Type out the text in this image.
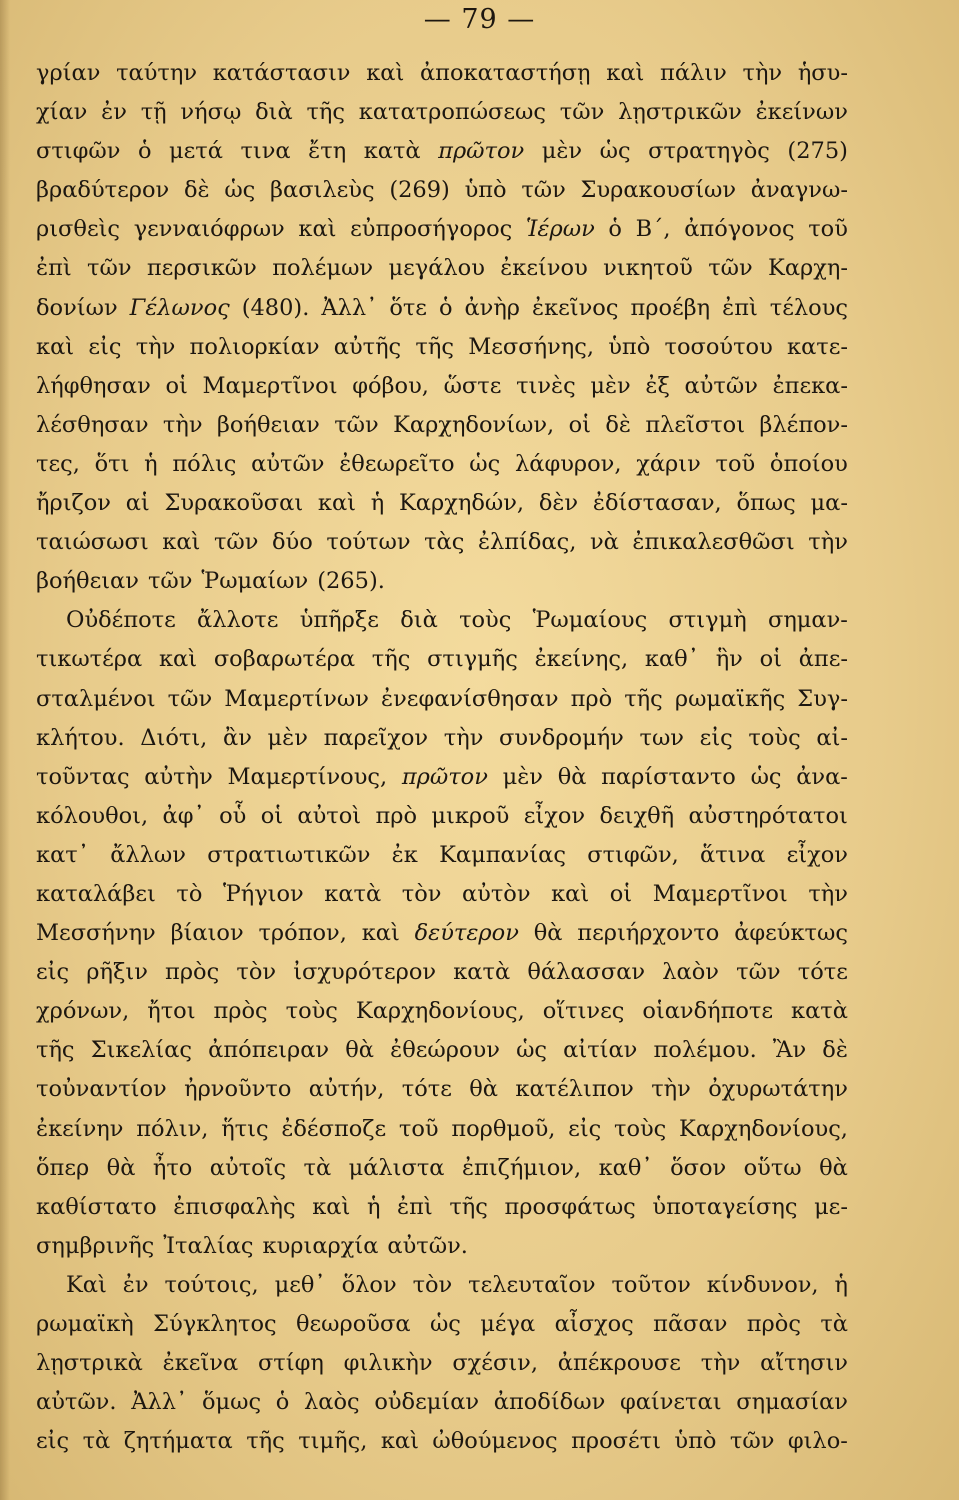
— 79 —
γρίαν ταύτην κατάστασιν καὶ ἀποκαταστήσῃ καὶ πάλιν τὴν ἡσυ-
χίαν ἐν τῇ νήσῳ διὰ τῆς κατατροπώσεως τῶν λῃστρικῶν ἐκείνων
στιφῶν ὁ μετά τινα ἔτη κατὰ πρῶτον μὲν ὡς στρατηγὸς (275)
βραδύτερον δὲ ὡς βασιλεὺς (269) ὑπὸ τῶν Συρακουσίων ἀναγνω-
ρισθεὶς γενναιόφρων καὶ εὐπροσήγορος Ἱέρων ὁ Β΄, ἀπόγονος τοῦ
ἐπὶ τῶν περσικῶν πολέμων μεγάλου ἐκείνου νικητοῦ τῶν Καρχη-
δονίων Γέλωνος (480). Ἀλλ᾽ ὅτε ὁ ἀνὴρ ἐκεῖνος προέβη ἐπὶ τέλους
καὶ εἰς τὴν πολιορκίαν αὐτῆς τῆς Μεσσήνης, ὑπὸ τοσούτου κατε-
λήφθησαν οἱ Μαμερτῖνοι φόβου, ὥστε τινὲς μὲν ἐξ αὐτῶν ἐπεκα-
λέσθησαν τὴν βοήθειαν τῶν Καρχηδονίων, οἱ δὲ πλεῖστοι βλέπον-
τες, ὅτι ἡ πόλις αὐτῶν ἐθεωρεῖτο ὡς λάφυρον, χάριν τοῦ ὁποίου
ἤριζον αἱ Συρακοῦσαι καὶ ἡ Καρχηδών, δὲν ἐδίστασαν, ὅπως μα-
ταιώσωσι καὶ τῶν δύο τούτων τὰς ἐλπίδας, νὰ ἐπικαλεσθῶσι τὴν
βοήθειαν τῶν Ῥωμαίων (265).
Οὐδέποτε ἄλλοτε ὑπῆρξε διὰ τοὺς Ῥωμαίους στιγμὴ σημαν-
τικωτέρα καὶ σοβαρωτέρα τῆς στιγμῆς ἐκείνης, καθ᾽ ἣν οἱ ἀπε-
σταλμένοι τῶν Μαμερτίνων ἐνεφανίσθησαν πρὸ τῆς ρωμαϊκῆς Συγ-
κλήτου. Διότι, ἂν μὲν παρεῖχον τὴν συνδρομήν των εἰς τοὺς αἰ-
τοῦντας αὐτὴν Μαμερτίνους, πρῶτον μὲν θὰ παρίσταντο ὡς ἀνα-
κόλουθοι, ἀφ᾽ οὗ οἱ αὐτοὶ πρὸ μικροῦ εἶχον δειχθῆ αὐστηρότατοι
κατ᾽ ἄλλων στρατιωτικῶν ἐκ Καμπανίας στιφῶν, ἅτινα εἶχον
καταλάβει τὸ Ῥήγιον κατὰ τὸν αὐτὸν καὶ οἱ Μαμερτῖνοι τὴν
Μεσσήνην βίαιον τρόπον, καὶ δεύτερον θὰ περιήρχοντο ἀφεύκτως
εἰς ρῆξιν πρὸς τὸν ἰσχυρότερον κατὰ θάλασσαν λαὸν τῶν τότε
χρόνων, ἤτοι πρὸς τοὺς Καρχηδονίους, οἵτινες οἱανδήποτε κατὰ
τῆς Σικελίας ἀπόπειραν θὰ ἐθεώρουν ὡς αἰτίαν πολέμου. Ἂν δὲ
τοὐναντίον ἠρνοῦντο αὐτήν, τότε θὰ κατέλιπον τὴν ὀχυρωτάτην
ἐκείνην πόλιν, ἥτις ἐδέσποζε τοῦ πορθμοῦ, εἰς τοὺς Καρχηδονίους,
ὅπερ θὰ ἦτο αὐτοῖς τὰ μάλιστα ἐπιζήμιον, καθ᾽ ὅσον οὕτω θὰ
καθίστατο ἐπισφαλὴς καὶ ἡ ἐπὶ τῆς προσφάτως ὑποταγείσης με-
σημβρινῆς Ἰταλίας κυριαρχία αὐτῶν.
Καὶ ἐν τούτοις, μεθ᾽ ὅλον τὸν τελευταῖον τοῦτον κίνδυνον, ἡ
ρωμαϊκὴ Σύγκλητος θεωροῦσα ὡς μέγα αἶσχος πᾶσαν πρὸς τὰ
λῃστρικὰ ἐκεῖνα στίφη φιλικὴν σχέσιν, ἀπέκρουσε τὴν αἴτησιν
αὐτῶν. Ἀλλ᾽ ὅμως ὁ λαὸς οὐδεμίαν ἀποδίδων φαίνεται σημασίαν
εἰς τὰ ζητήματα τῆς τιμῆς, καὶ ὠθούμενος προσέτι ὑπὸ τῶν φιλο-
